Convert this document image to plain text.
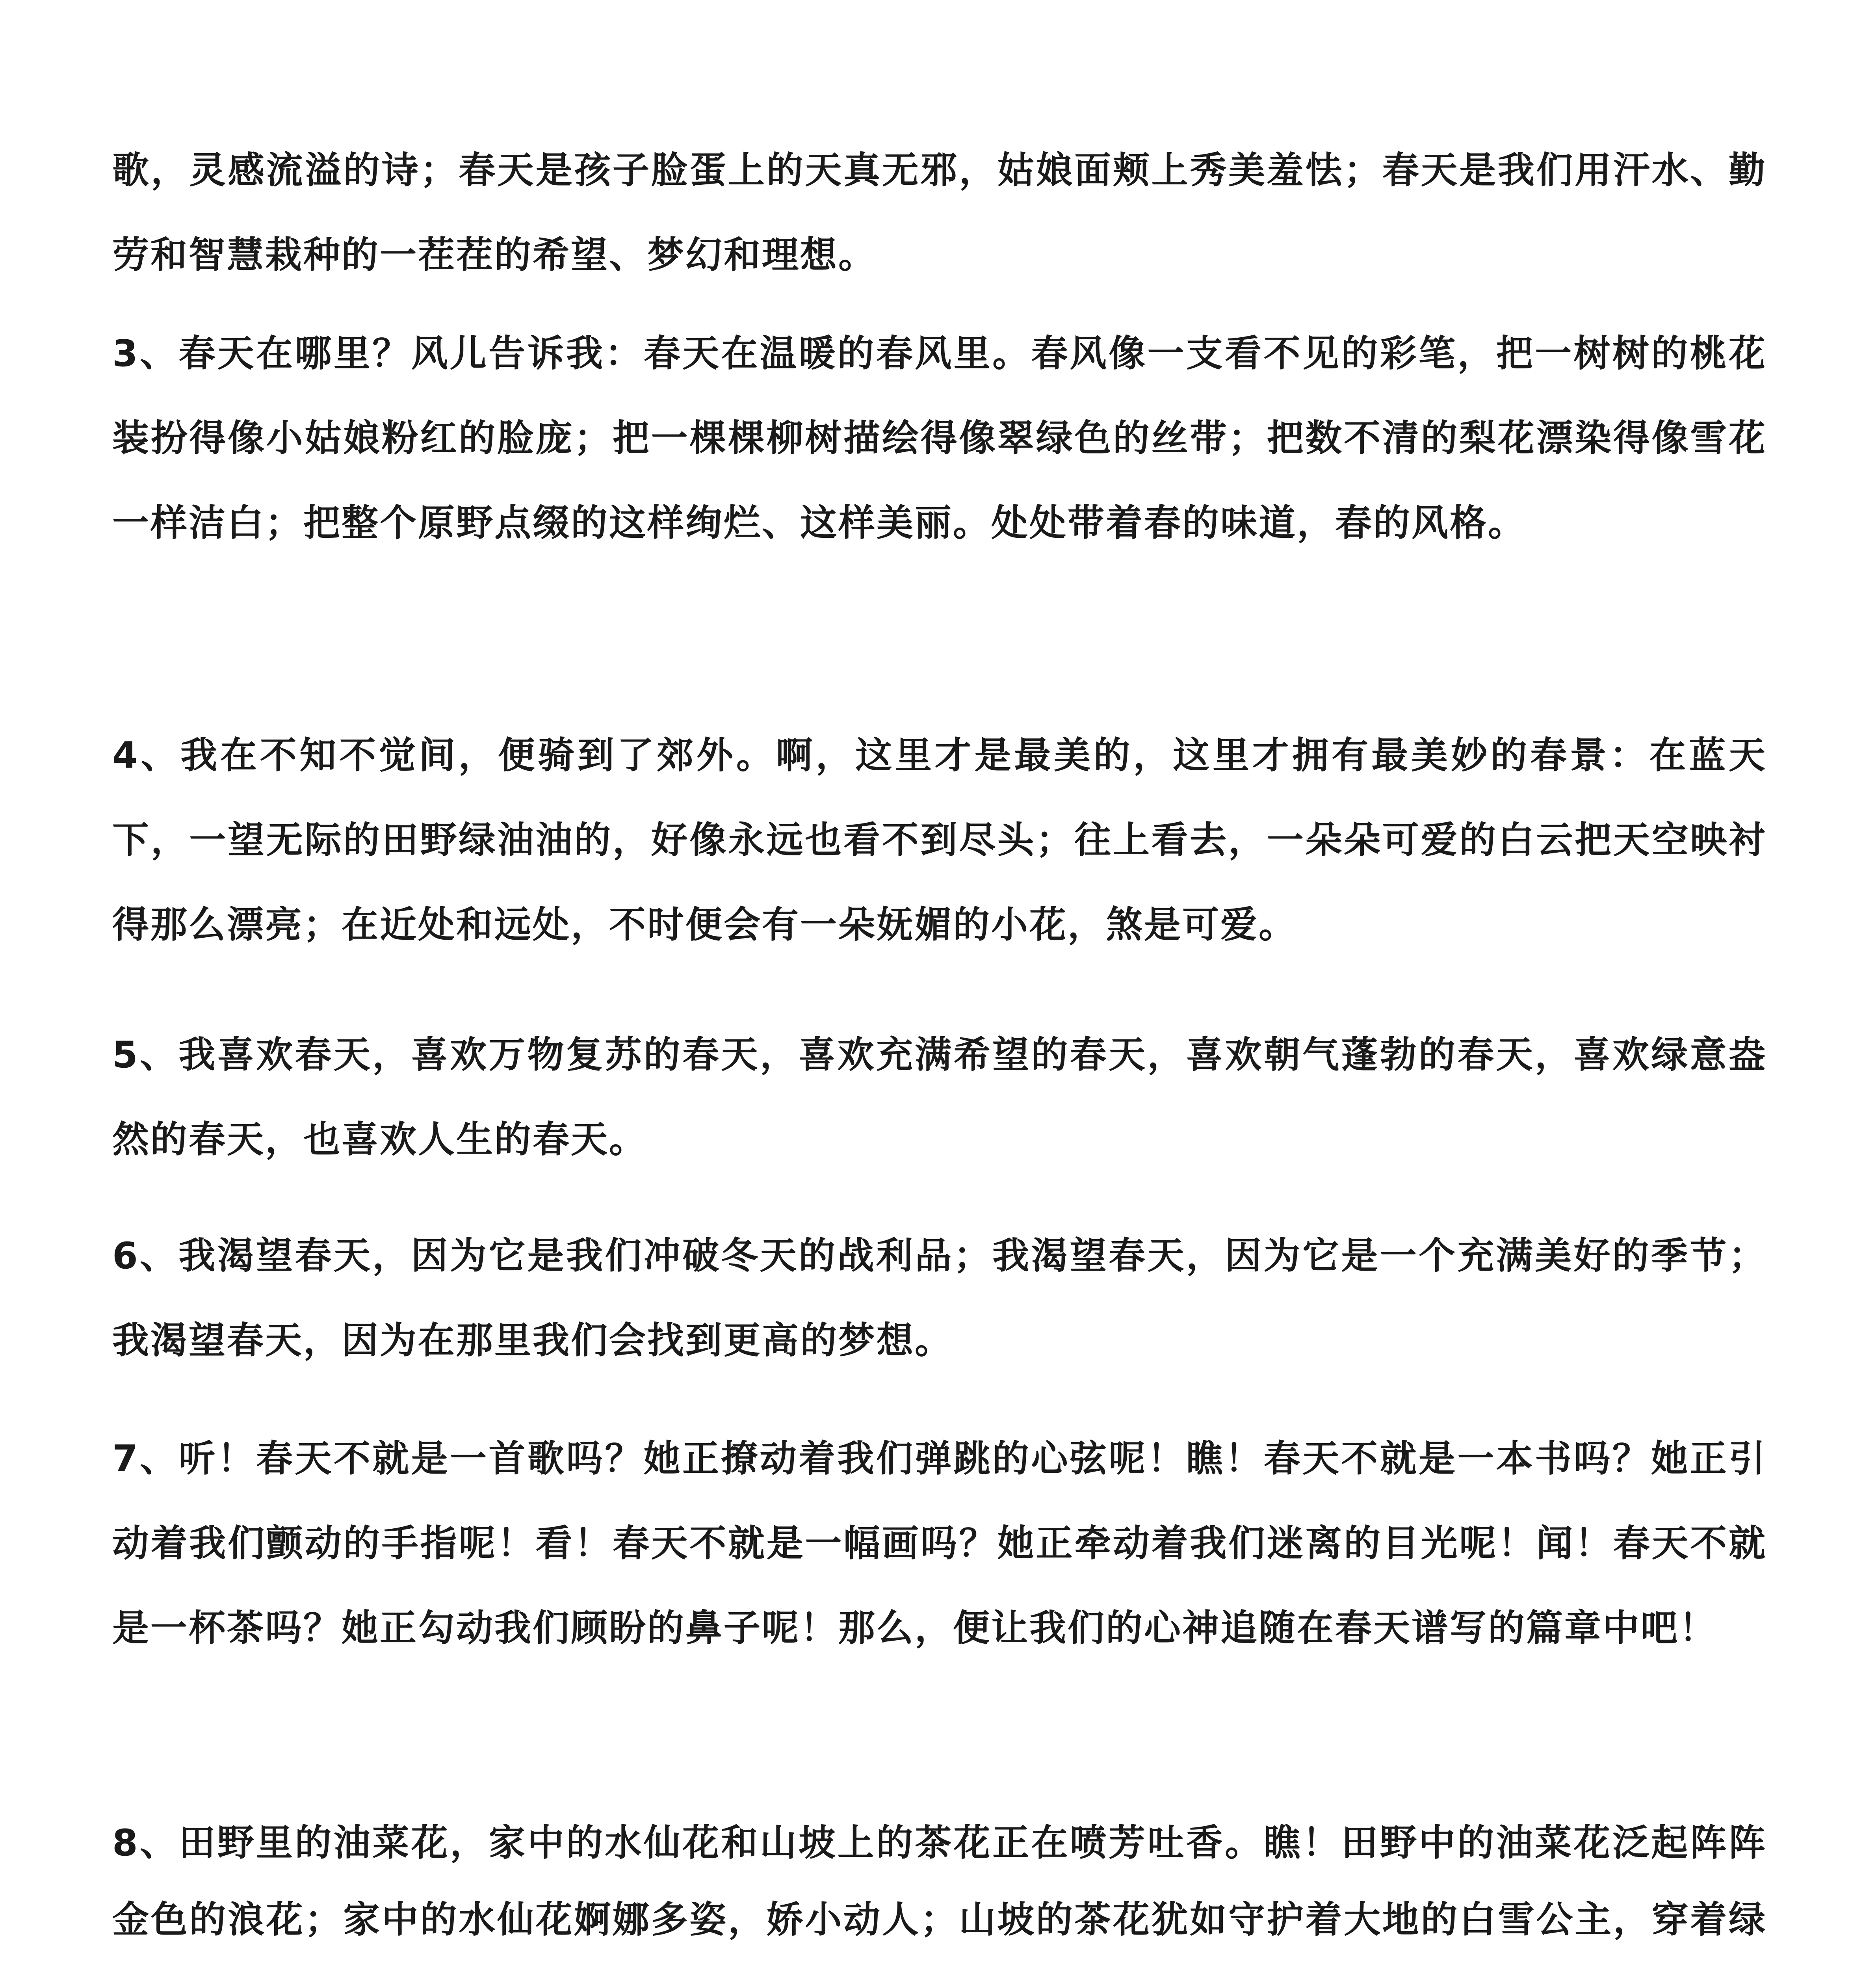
歌，灵感流溢的诗；春天是孩子脸蛋上的天真无邪，姑娘面颊上秀美羞怯；春天是我们用汗水、勤劳和智慧栽种的一茬茬的希望、梦幻和理想。

3、春天在哪里？风儿告诉我：春天在温暖的春风里。春风像一支看不见的彩笔，把一树树的桃花装扮得像小姑娘粉红的脸庞；把一棵棵柳树描绘得像翠绿色的丝带；把数不清的梨花漂染得像雪花一样洁白；把整个原野点缀的这样绚烂、这样美丽。处处带着春的味道，春的风格。

4、我在不知不觉间，便骑到了郊外。啊，这里才是最美的，这里才拥有最美妙的春景：在蓝天下，一望无际的田野绿油油的，好像永远也看不到尽头；往上看去，一朵朵可爱的白云把天空映衬得那么漂亮；在近处和远处，不时便会有一朵妩媚的小花，煞是可爱。

5、我喜欢春天，喜欢万物复苏的春天，喜欢充满希望的春天，喜欢朝气蓬勃的春天，喜欢绿意盎然的春天，也喜欢人生的春天。

6、我渴望春天，因为它是我们冲破冬天的战利品；我渴望春天，因为它是一个充满美好的季节；我渴望春天，因为在那里我们会找到更高的梦想。

7、听！春天不就是一首歌吗？她正撩动着我们弹跳的心弦呢！瞧！春天不就是一本书吗？她正引动着我们颤动的手指呢！看！春天不就是一幅画吗？她正牵动着我们迷离的目光呢！闻！春天不就是一杯茶吗？她正勾动我们顾盼的鼻子呢！那么，便让我们的心神追随在春天谱写的篇章中吧！

8、田野里的油菜花，家中的水仙花和山坡上的茶花正在喷芳吐香。瞧！田野中的油菜花泛起阵阵金色的浪花；家中的水仙花婀娜多姿，娇小动人；山坡的茶花犹如守护着大地的白雪公主，穿着绿
